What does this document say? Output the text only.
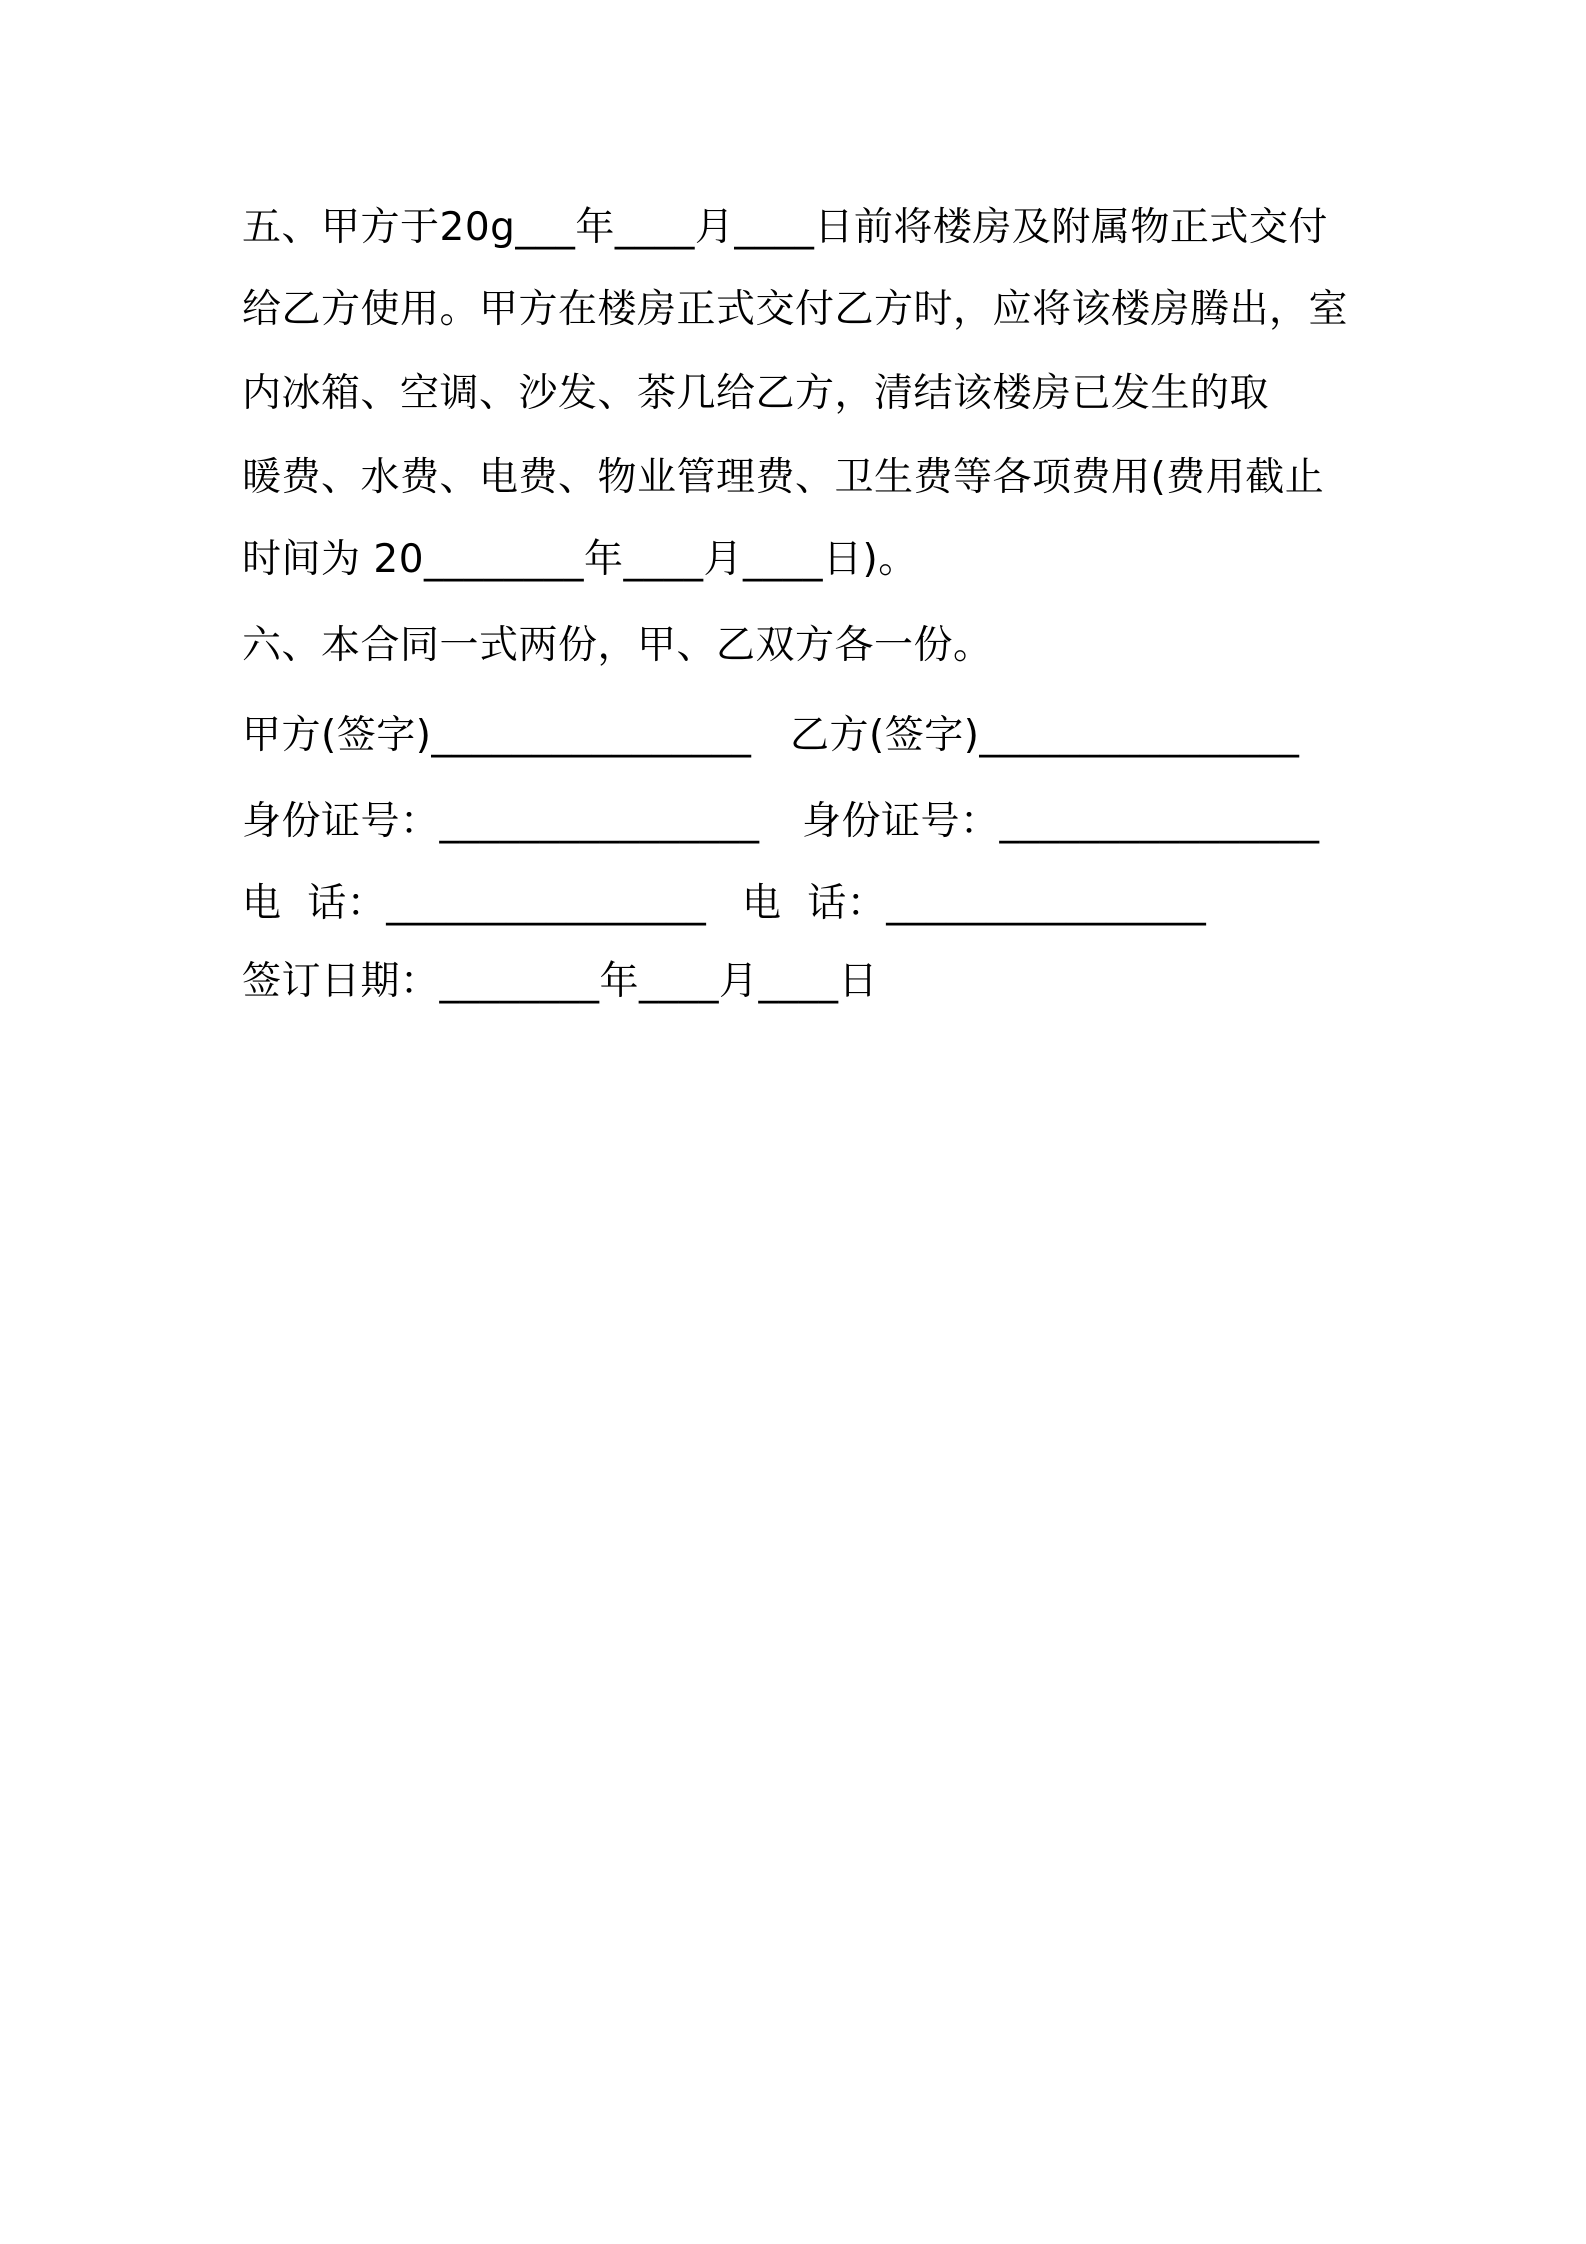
五、甲方于20g___年____月____日前将楼房及附属物正式交付
给乙方使用。甲方在楼房正式交付乙方时，应将该楼房腾出，室
内冰箱、空调、沙发、茶几给乙方，清结该楼房已发生的取
暖费、水费、电费、物业管理费、卫生费等各项费用(费用截止
时间为 20________年____月____日)。
六、本合同一式两份，甲、乙双方各一份。
甲方(签字)________________ 乙方(签字)________________
身份证号：________________ 身份证号：________________
电  话：________________ 电  话：________________
签订日期：________年____月____日
